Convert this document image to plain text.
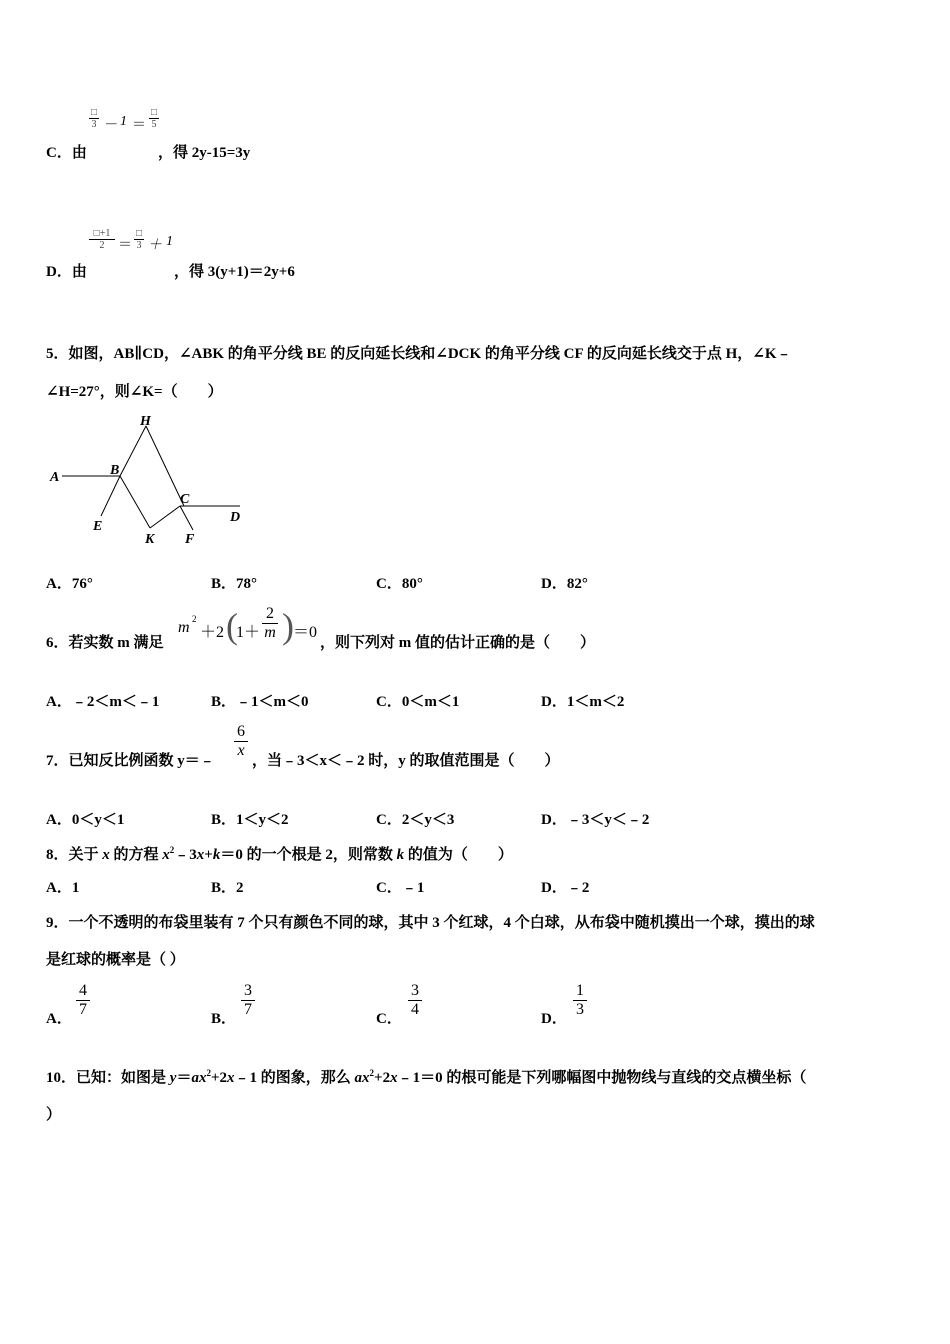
□
3 － 1 ＝
□
5
C．由	，得 2y-15=3y
□+1
2 ＝
□
3 ＋ 1
D．由	，得 3(y+1)＝2y+6
5．如图，AB∥CD，∠ABK 的角平分线 BE 的反向延长线和∠DCK 的角平分线 CF 的反向延长线交于点 H，∠K﹣
∠H=27°，则∠K=（　　）
A	B
H
C
D
E
K F
A．76°	B．78°	C．80°	D．82°
6．若实数 m 满足
m 2
＋2 (
1＋
2
m ) ＝0
，则下列对 m 值的估计正确的是（　　）
A．﹣2＜m＜﹣1	B．﹣1＜m＜0	C．0＜m＜1	D．1＜m＜2
7．已知反比例函数 y＝﹣
6
x
，当﹣3＜x＜﹣2 时，y 的取值范围是（　　）
A．0＜y＜1	B．1＜y＜2	C．2＜y＜3	D．﹣3＜y＜﹣2
8．关于 x 的方程 $x^2﹣3x+k=0$ 的一个根是 2，则常数 k 的值为（　　）
A．1	B．2	C．﹣1	D．﹣2
9．一个不透明的布袋里装有 7 个只有颜色不同的球，其中 3 个红球，4 个白球，从布袋中随机摸出一个球，摸出的球
是红球的概率是（ ）
A．
4
7
B．
3
7
C．
3
4
D．
1
3
10．已知：如图是 $y=ax^2+2x﹣1$ 的图象，那么 $ax^2+2x﹣1=0$ 的根可能是下列哪幅图中抛物线与直线的交点横坐标（
）
